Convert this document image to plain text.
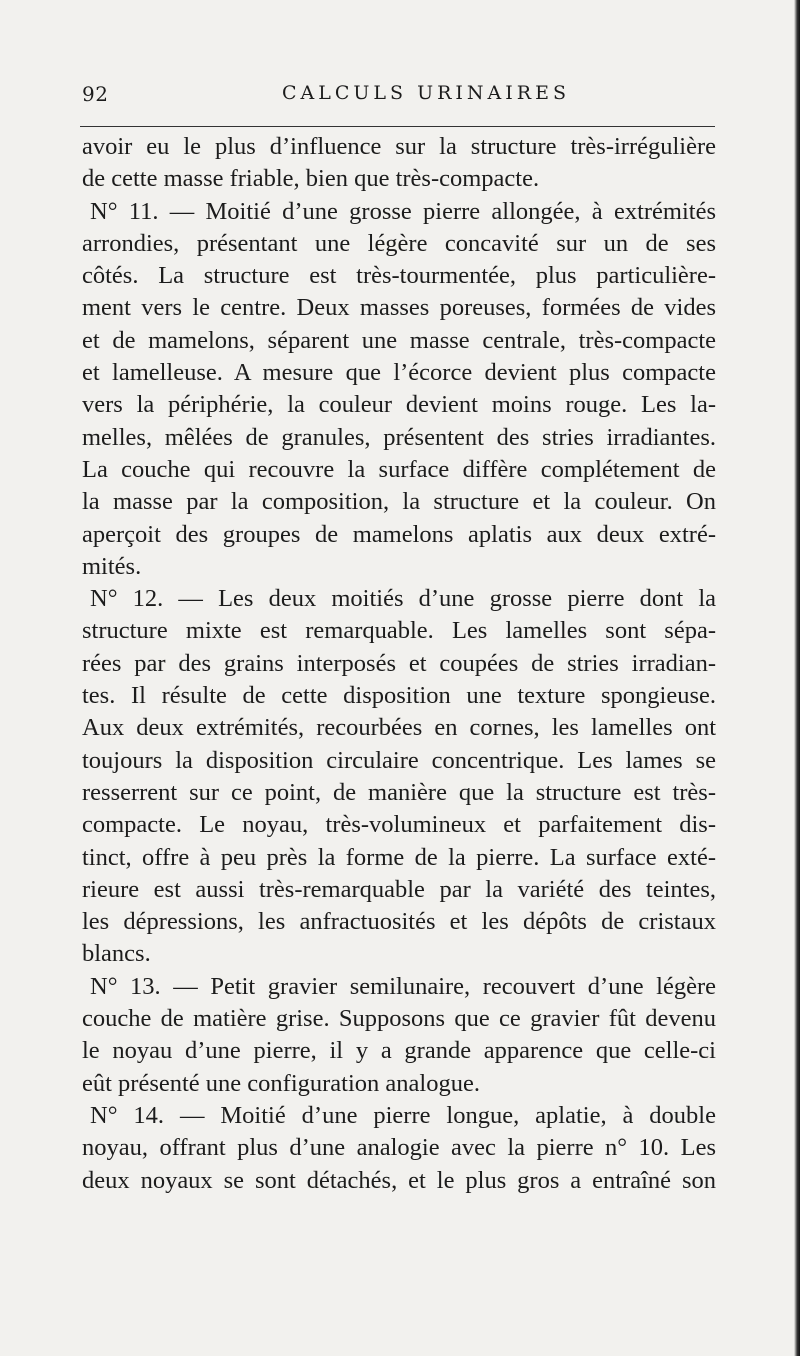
92	CALCULS URINAIRES
avoir eu le plus d’influence sur la structure très-irrégulière
de cette masse friable, bien que très-compacte.
N° 11. — Moitié d’une grosse pierre allongée, à extrémités
arrondies, présentant une légère concavité sur un de ses
côtés. La structure est très-tourmentée, plus particulière-
ment vers le centre. Deux masses poreuses, formées de vides
et de mamelons, séparent une masse centrale, très-compacte
et lamelleuse. A mesure que l’écorce devient plus compacte
vers la périphérie, la couleur devient moins rouge. Les la-
melles, mêlées de granules, présentent des stries irradiantes.
La couche qui recouvre la surface diffère complétement de
la masse par la composition, la structure et la couleur. On
aperçoit des groupes de mamelons aplatis aux deux extré-
mités.
N° 12. — Les deux moitiés d’une grosse pierre dont la
structure mixte est remarquable. Les lamelles sont sépa-
rées par des grains interposés et coupées de stries irradian-
tes. Il résulte de cette disposition une texture spongieuse.
Aux deux extrémités, recourbées en cornes, les lamelles ont
toujours la disposition circulaire concentrique. Les lames se
resserrent sur ce point, de manière que la structure est très-
compacte. Le noyau, très-volumineux et parfaitement dis-
tinct, offre à peu près la forme de la pierre. La surface exté-
rieure est aussi très-remarquable par la variété des teintes,
les dépressions, les anfractuosités et les dépôts de cristaux
blancs.
N° 13. — Petit gravier semilunaire, recouvert d’une légère
couche de matière grise. Supposons que ce gravier fût devenu
le noyau d’une pierre, il y a grande apparence que celle-ci
eût présenté une configuration analogue.
N° 14. — Moitié d’une pierre longue, aplatie, à double
noyau, offrant plus d’une analogie avec la pierre n° 10. Les
deux noyaux se sont détachés, et le plus gros a entraîné son
